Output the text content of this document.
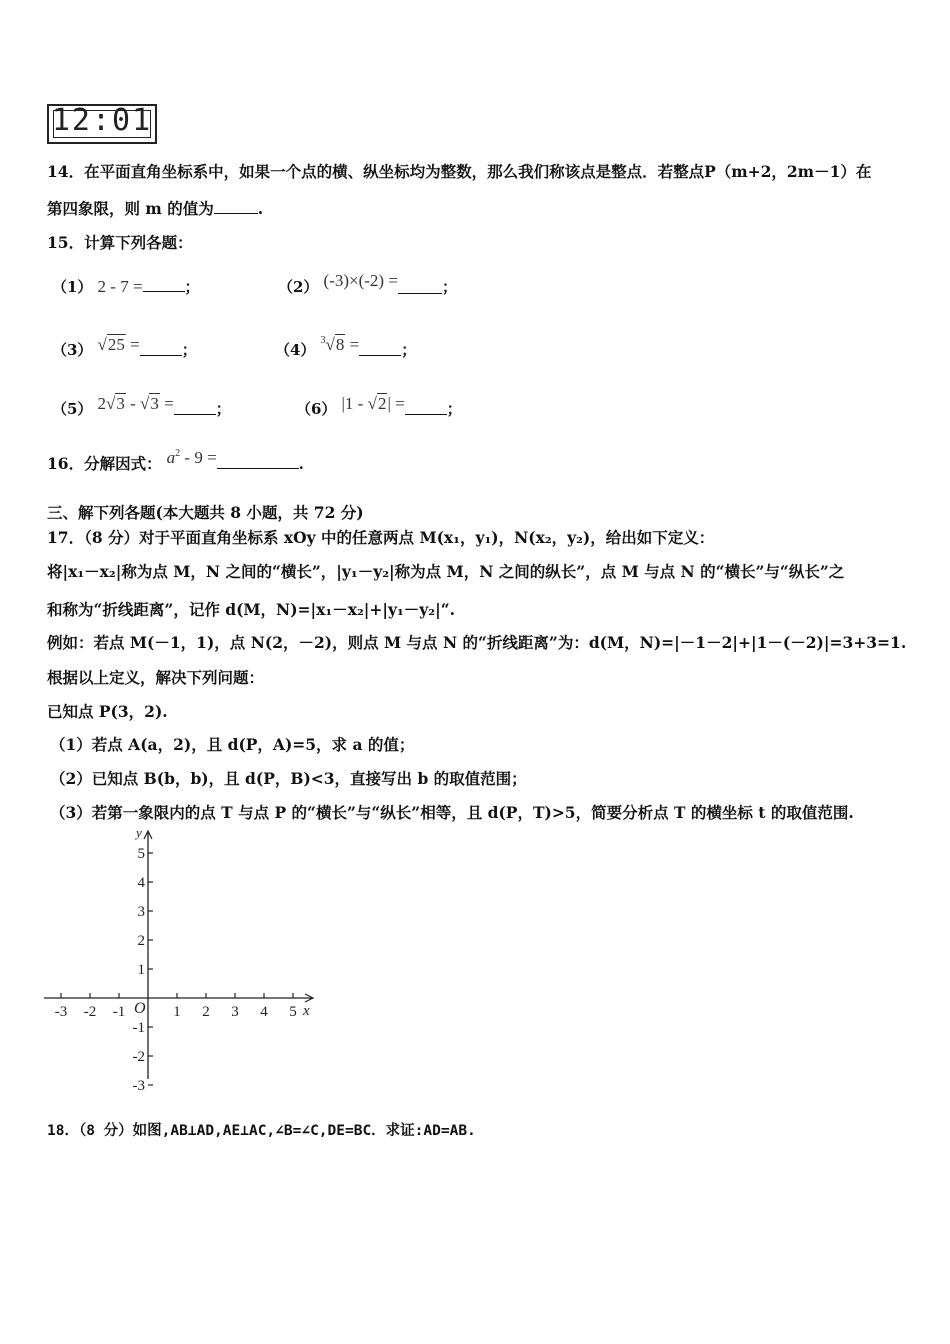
12:01
14．在平面直角坐标系中，如果一个点的横、纵坐标均为整数，那么我们称该点是整点．若整点P（m+2，2m－1）在
第四象限，则 m 的值为	.
15．计算下列各题：
（1） 2 - 7 =	；	（2） (-3)×(-2) =	；
（3） √25 =	；	（4） $^3$√8 =	；
（5） 2√3 - √3 =	；	（6） |1 - √2| =	；
16．分解因式： $a^2 - 9$ =	.
三、解下列各题(本大题共 8 小题，共 72 分)
17．（8 分）对于平面直角坐标系 xOy 中的任意两点 M(x₁，y₁)，N(x₂，y₂)，给出如下定义：
将|x₁－x₂|称为点 M，N 之间的“横长”，|y₁－y₂|称为点 M，N 之间的纵长”，点 M 与点 N 的“横长”与“纵长”之
和称为“折线距离”，记作 d(M，N)=|x₁－x₂|+|y₁－y₂|“.
例如：若点 M(－1，1)，点 N(2，－2)，则点 M 与点 N 的“折线距离”为：d(M，N)=|－1－2|+|1－(－2)|=3+3=1.
根据以上定义，解决下列问题：
已知点 P(3，2).
（1）若点 A(a，2)，且 d(P，A)=5，求 a 的值；
（2）已知点 B(b，b)，且 d(P，B)<3，直接写出 b 的取值范围；
（3）若第一象限内的点 T 与点 P 的“横长”与“纵长”相等，且 d(P，T)>5，简要分析点 T 的横坐标 t 的取值范围.
-3 -2 -1	1 2 3 4 5
5
4
3
2
1
-1
-2
-3
x
y
O
18．（8 分）如图,AB⊥AD,AE⊥AC,∠B=∠C,DE=BC．求证:AD=AB.
